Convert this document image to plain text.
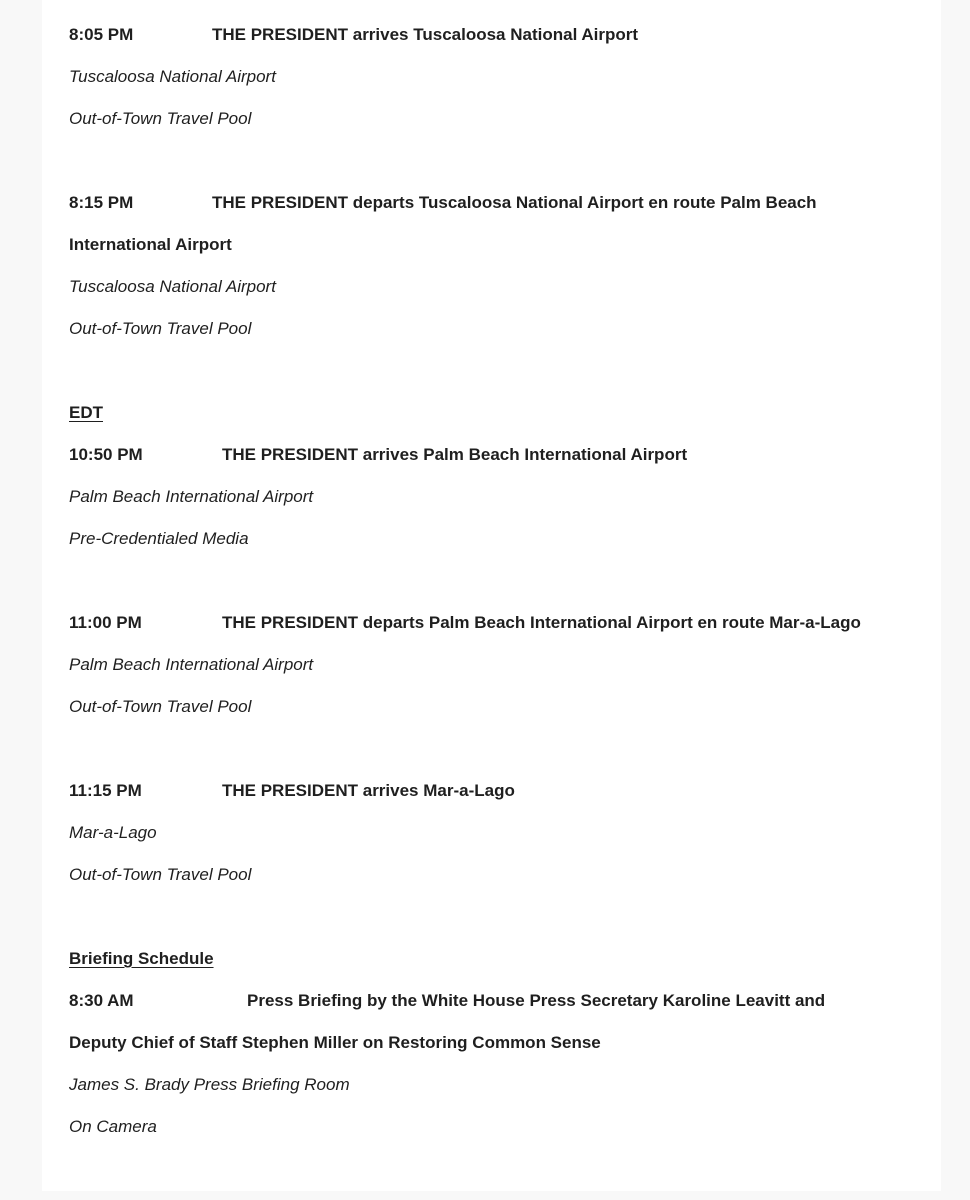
8:05 PM	THE PRESIDENT arrives Tuscaloosa National Airport
Tuscaloosa National Airport
Out-of-Town Travel Pool
8:15 PM	THE PRESIDENT departs Tuscaloosa National Airport en route Palm Beach
International Airport
Tuscaloosa National Airport
Out-of-Town Travel Pool
EDT
10:50 PM	THE PRESIDENT arrives Palm Beach International Airport
Palm Beach International Airport
Pre-Credentialed Media
11:00 PM	THE PRESIDENT departs Palm Beach International Airport en route Mar-a-Lago
Palm Beach International Airport
Out-of-Town Travel Pool
11:15 PM	THE PRESIDENT arrives Mar-a-Lago
Mar-a-Lago
Out-of-Town Travel Pool
Briefing Schedule
8:30 AM	Press Briefing by the White House Press Secretary Karoline Leavitt and
Deputy Chief of Staff Stephen Miller on Restoring Common Sense
James S. Brady Press Briefing Room
On Camera
